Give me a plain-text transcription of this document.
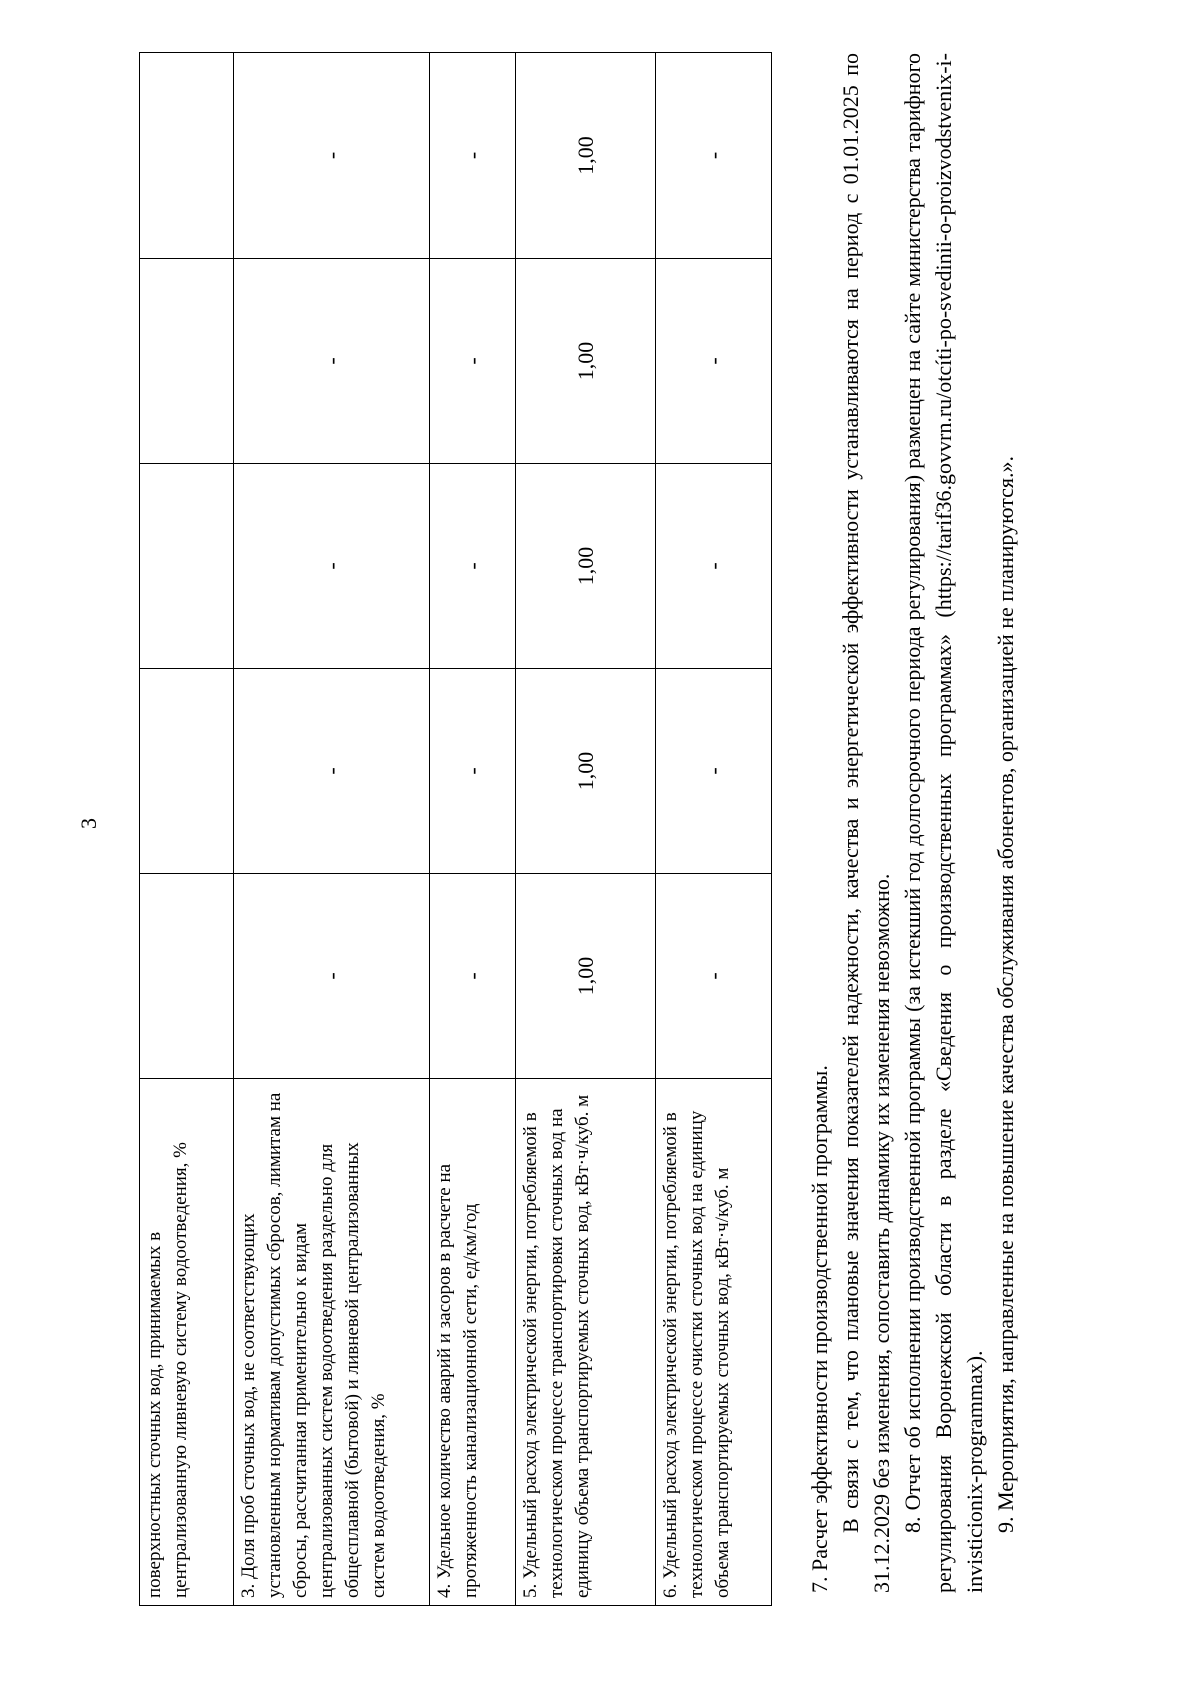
3

поверхностных сточных вод, принимаемых в централизованную ливневую систему водоотведения, %					
3. Доля проб сточных вод, не соответствующих установленным нормативам допустимых сбросов, лимитам на сбросы, рассчитанная применительно к видам централизованных систем водоотведения раздельно для общесплавной (бытовой) и ливневой централизованных систем водоотведения, %	-	-	-	-	-
4. Удельное количество аварий и засоров в расчете на протяженность канализационной сети, ед/км/год	-	-	-	-	-
5. Удельный расход электрической энергии, потребляемой в технологическом процессе транспортировки сточных вод на единицу объема транспортируемых сточных вод, кВт·ч/куб. м	1,00	1,00	1,00	1,00	1,00
6. Удельный расход электрической энергии, потребляемой в технологическом процессе очистки сточных вод на единицу объема транспортируемых сточных вод, кВт·ч/куб. м	-	-	-	-	-

7. Расчет эффективности производственной программы. В связи с тем, что плановые значения показателей надежности, качества и энергетической эффективности устанавливаются на период с 01.01.2025 по 31.12.2029 без изменения, сопоставить динамику их изменения невозможно. 8. Отчет об исполнении производственной программы (за истекший год долгосрочного периода регулирования) размещен на сайте министерства тарифного регулирования Воронежской области в разделе «Сведения о производственных программах» (https://tarif36.govvrn.ru/otcíti-po-svedinii-o-proizvodstvenix-i-invisticionix-programmax). 9. Мероприятия, направленные на повышение качества обслуживания абонентов, организацией не планируются.».
